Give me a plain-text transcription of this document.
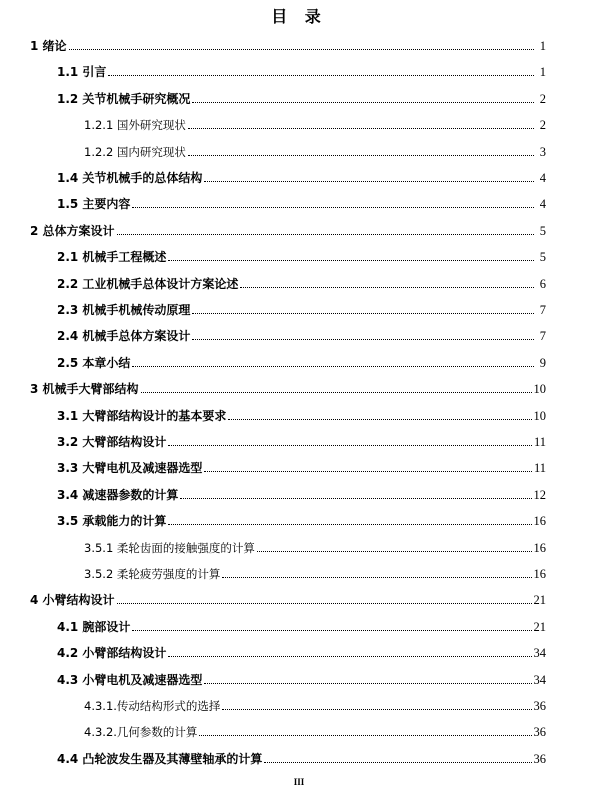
目 录
1 绪论	1
1.1 引言	1
1.2 关节机械手研究概况	2
1.2.1 国外研究现状	2
1.2.2 国内研究现状	3
1.4 关节机械手的总体结构	4
1.5 主要内容	4
2 总体方案设计	5
2.1 机械手工程概述	5
2.2 工业机械手总体设计方案论述	6
2.3 机械手机械传动原理	7
2.4 机械手总体方案设计	7
2.5 本章小结	9
3 机械手大臂部结构	10
3.1 大臂部结构设计的基本要求	10
3.2 大臂部结构设计	11
3.3 大臂电机及减速器选型	11
3.4 减速器参数的计算	12
3.5 承载能力的计算	16
3.5.1 柔轮齿面的接触强度的计算	16
3.5.2 柔轮疲劳强度的计算	16
4 小臂结构设计	21
4.1 腕部设计	21
4.2 小臂部结构设计	34
4.3 小臂电机及减速器选型	34
4.3.1.传动结构形式的选择	36
4.3.2.几何参数的计算	36
4.4 凸轮波发生器及其薄壁轴承的计算	36
III
